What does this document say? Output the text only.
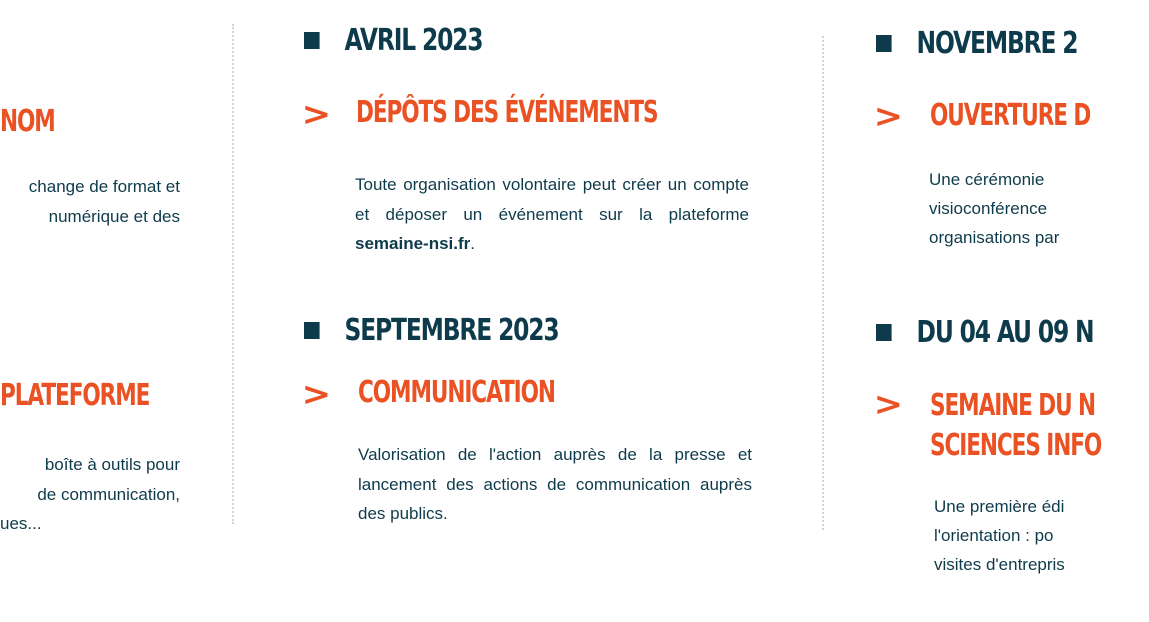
NOM
change de format et
numérique et des
PLATEFORME
boîte à outils pour
de communication,
ues...
AVRIL 2023
> DÉPÔTS DES ÉVÉNEMENTS
Toute organisation volontaire peut créer un compte et déposer un événement sur la plateforme semaine-nsi.fr.
SEPTEMBRE 2023
> COMMUNICATION
Valorisation de l'action auprès de la presse et lancement des actions de communication auprès des publics.
NOVEMBRE 2
> OUVERTURE D
Une cérémonie
visioconférence
organisations par
DU 04 AU 09 N
> SEMAINE DU N
SCIENCES INFO
Une première édi
l'orientation : po
visites d'entrepris
